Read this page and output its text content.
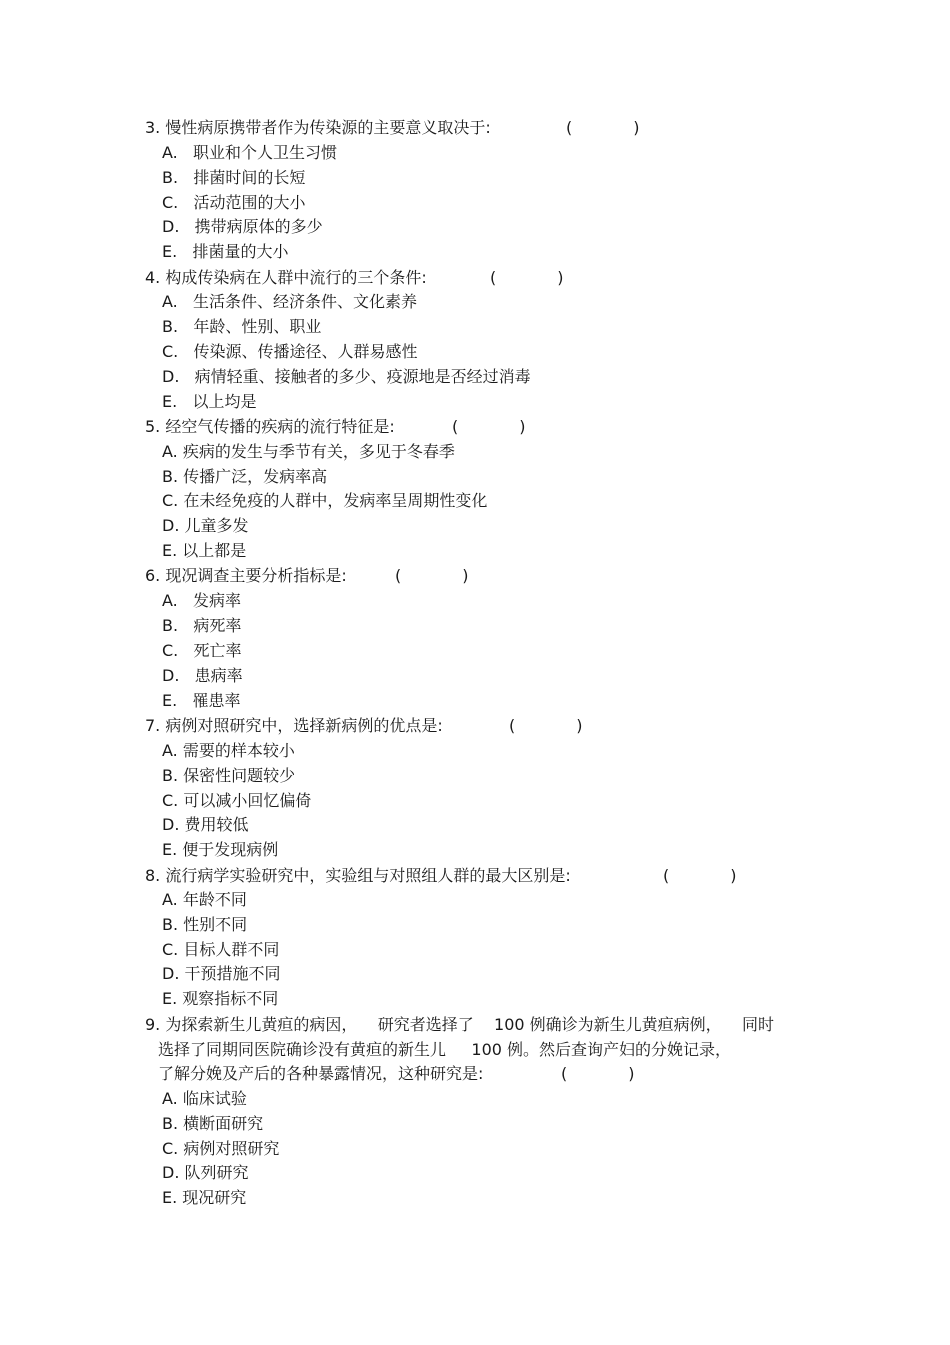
3. 慢性病原携带者作为传染源的主要意义取决于:	(            )
A.   职业和个人卫生习惯
B.   排菌时间的长短
C.   活动范围的大小
D.   携带病原体的多少
E.   排菌量的大小
4. 构成传染病在人群中流行的三个条件:	(            )
A.   生活条件、经济条件、文化素养
B.   年龄、性别、职业
C.   传染源、传播途径、人群易感性
D.   病情轻重、接触者的多少、疫源地是否经过消毒
E.   以上均是
5. 经空气传播的疾病的流行特征是:	(            )
A. 疾病的发生与季节有关，多见于冬春季
B. 传播广泛，发病率高
C. 在未经免疫的人群中，发病率呈周期性变化
D. 儿童多发
E. 以上都是
6. 现况调查主要分析指标是:	(            )
A.   发病率
B.   病死率
C.   死亡率
D.   患病率
E.   罹患率
7. 病例对照研究中，选择新病例的优点是:	(            )
A. 需要的样本较小
B. 保密性问题较少
C. 可以减小回忆偏倚
D. 费用较低
E. 便于发现病例
8. 流行病学实验研究中，实验组与对照组人群的最大区别是:	(            )
A. 年龄不同
B. 性别不同
C. 目标人群不同
D. 干预措施不同
E. 观察指标不同
9. 为探索新生儿黄疸的病因，    研究者选择了    100 例确诊为新生儿黄疸病例，    同时
选择了同期同医院确诊没有黄疸的新生儿     100 例。然后查询产妇的分娩记录，
了解分娩及产后的各种暴露情况，这种研究是:	(            )
A. 临床试验
B. 横断面研究
C. 病例对照研究
D. 队列研究
E. 现况研究
